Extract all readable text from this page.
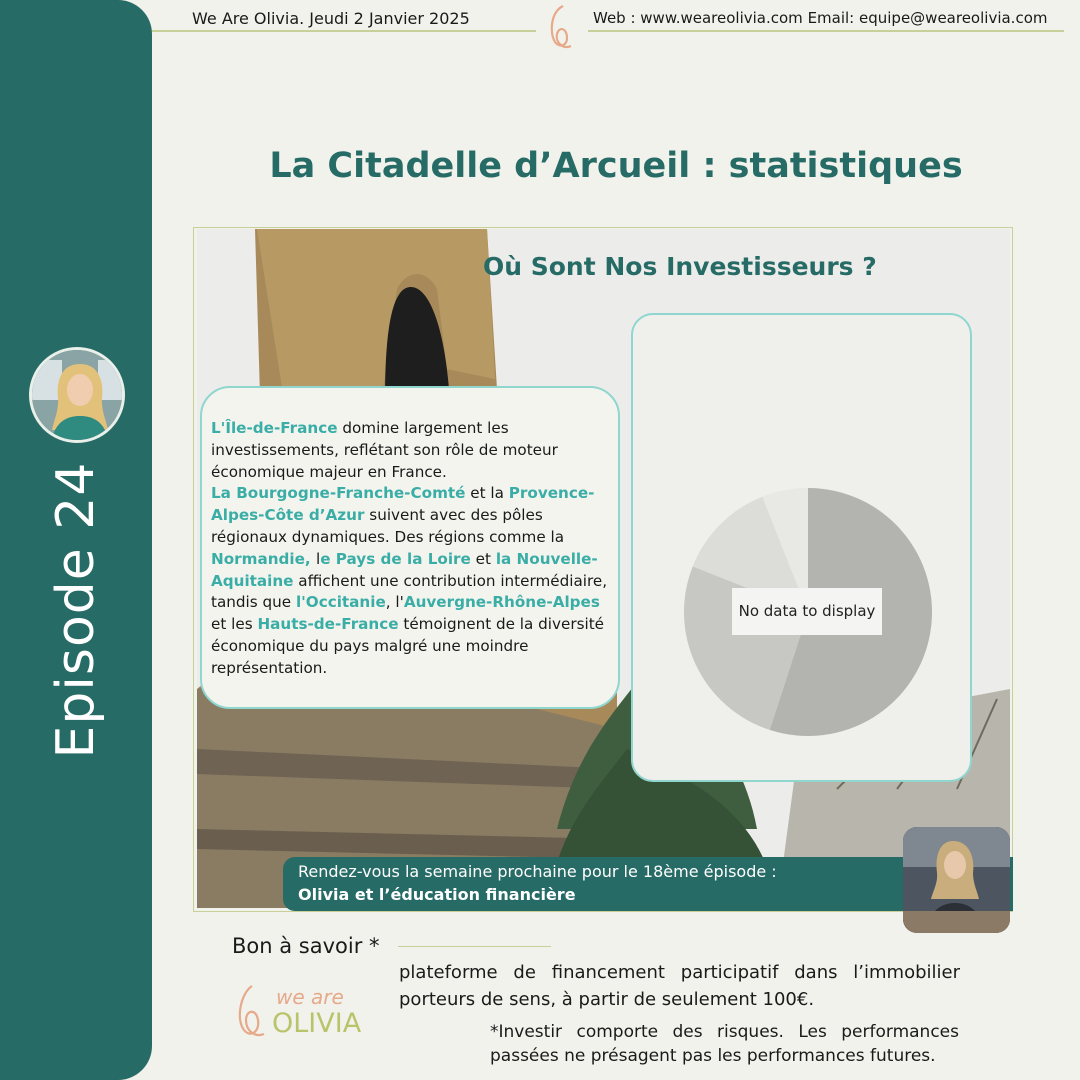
Episode 24
We Are Olivia. Jeudi 2 Janvier 2025	Web : www.weareolivia.com Email: equipe@weareolivia.com
La Citadelle d’Arcueil : statistiques
Où Sont Nos Investisseurs ?
No data to display
L'Île-de-France domine largement les investissements, reflétant son rôle de moteur économique majeur en France.
La Bourgogne-Franche-Comté et la Provence-Alpes-Côte d’Azur suivent avec des pôles régionaux dynamiques. Des régions comme la Normandie, le Pays de la Loire et la Nouvelle-Aquitaine affichent une contribution intermédiaire, tandis que l'Occitanie, l'Auvergne-Rhône-Alpes et les Hauts-de-France témoignent de la diversité économique du pays malgré une moindre représentation.
Rendez-vous la semaine prochaine pour le 18ème épisode :
Olivia et l’éducation financière
Bon à savoir *
plateforme de financement participatif dans l’immobilier porteurs de sens, à partir de seulement 100€.
we are
OLIVIA	*Investir comporte des risques. Les performances passées ne présagent pas les performances futures.
